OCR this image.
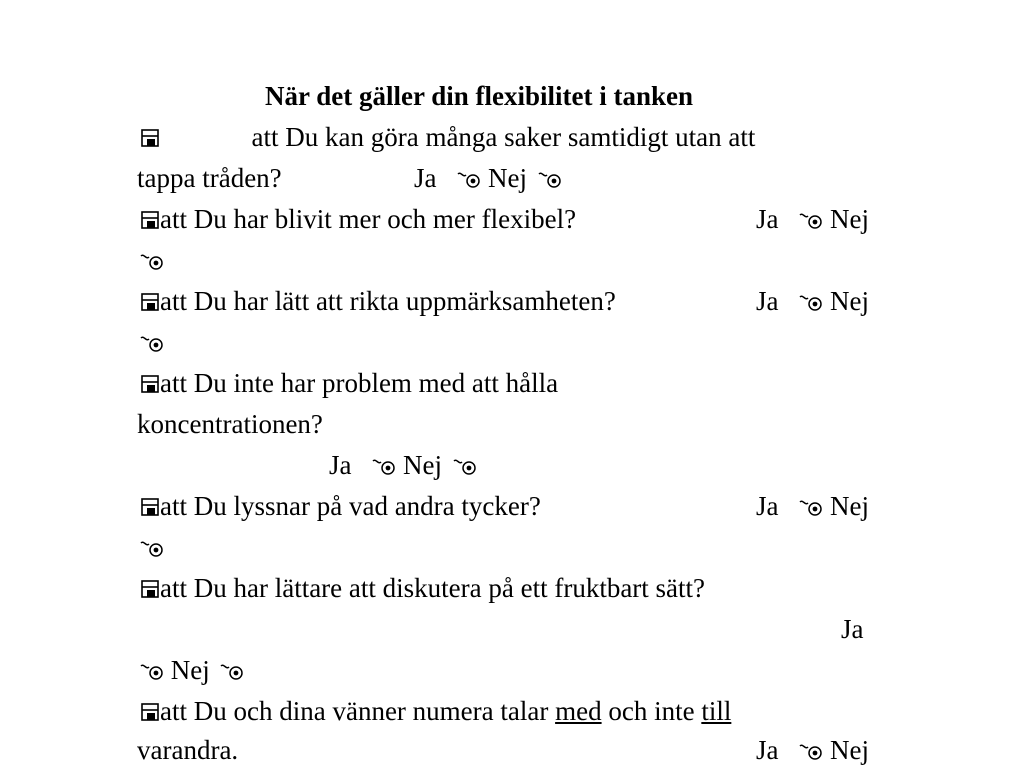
När det gäller din flexibilitet i tanken
att Du kan göra många saker samtidigt utan att
tappa tråden?	Ja Nej
att Du har blivit mer och mer flexibel?	Ja Nej
att Du har lätt att rikta uppmärksamheten?	Ja Nej
att Du inte har problem med att hålla
koncentrationen?
Ja Nej
att Du lyssnar på vad andra tycker?	Ja Nej
att Du har lättare att diskutera på ett fruktbart sätt?
Ja
Nej
att Du och dina vänner numera talar med och inte till
varandra.	Ja Nej
